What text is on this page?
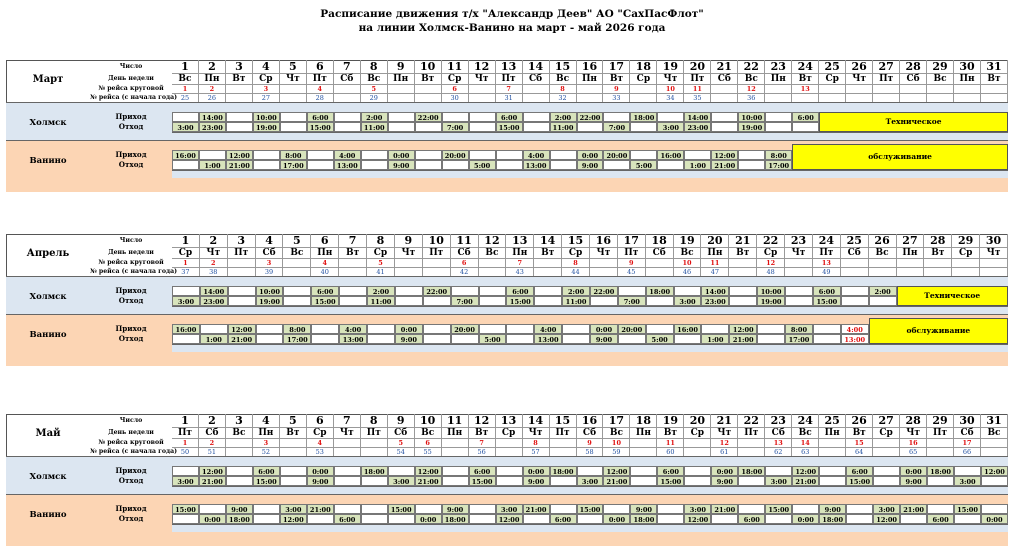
Расписание движения т/х "Александр Деев" АО "СахПасФлот"
на линии Холмск-Ванино на март - май 2026 года
Март
Холмск
Ванино
Число
День недели
№ рейса круговой
№ рейса (с начала года)
Приход
Отход
Приход
Отход
1
Вс
1
25
3:00
16:00
2
Пн
2
26
14:00
23:00
1:00
3
Вт
12:00
21:00
4
Ср
3
27
10:00
19:00
5
Чт
8:00
17:00
6
Пт
4
28
6:00
15:00
7
Сб
4:00
13:00
8
Вс
5
29
2:00
11:00
9
Пн
0:00
9:00
10
Вт
22:00
11
Ср
6
30
7:00
20:00
12
Чт
5:00
13
Пт
7
31
6:00
15:00
14
Сб
4:00
13:00
15
Вс
8
32
2:00
11:00
16
Пн
22:00
0:00
9:00
17
Вт
9
33
7:00
20:00
18
Ср
18:00
5:00
19
Чт
10
34
3:00
16:00
20
Пт
11
35
14:00
23:00
1:00
21
Сб
12:00
21:00
22
Вс
12
36
10:00
19:00
23
Пн
8:00
17:00
24
Вт
13
6:00
25
Ср
26
Чт
27
Пт
28
Сб
29
Вс
30
Пн
31
Вт
Техническое
обслуживание
Апрель
Холмск
Ванино
Число
День недели
№ рейса круговой
№ рейса (с начала года)
Приход
Отход
Приход
Отход
1
Ср
1
37
3:00
16:00
2
Чт
2
38
14:00
23:00
1:00
3
Пт
12:00
21:00
4
Сб
3
39
10:00
19:00
5
Вс
8:00
17:00
6
Пн
4
40
6:00
15:00
7
Вт
4:00
13:00
8
Ср
5
41
2:00
11:00
9
Чт
0:00
9:00
10
Пт
22:00
11
Сб
6
42
7:00
20:00
12
Вс
5:00
13
Пн
7
43
6:00
15:00
14
Вт
4:00
13:00
15
Ср
8
44
2:00
11:00
16
Чт
22:00
0:00
9:00
17
Пт
9
45
7:00
20:00
18
Сб
18:00
5:00
19
Вс
10
46
3:00
16:00
20
Пн
11
47
14:00
23:00
1:00
21
Вт
12:00
21:00
22
Ср
12
48
10:00
19:00
23
Чт
8:00
17:00
24
Пт
13
49
6:00
15:00
25
Сб
4:00
13:00
26
Вс
2:00
27
Пн
28
Вт
29
Ср
30
Чт
Техническое
обслуживание
Май
Холмск
Ванино
Число
День недели
№ рейса круговой
№ рейса (с начала года)
Приход
Отход
Приход
Отход
1
Пт
1
50
3:00
15:00
2
Сб
2
51
12:00
21:00
0:00
3
Вс
9:00
18:00
4
Пн
3
52
6:00
15:00
5
Вт
3:00
12:00
6
Ср
4
53
0:00
9:00
21:00
7
Чт
6:00
8
Пт
18:00
9
Сб
5
54
3:00
15:00
10
Вс
6
55
12:00
21:00
0:00
11
Пн
9:00
18:00
12
Вт
7
56
6:00
15:00
13
Ср
3:00
12:00
14
Чт
8
57
0:00
9:00
21:00
15
Пт
18:00
6:00
16
Сб
9
58
3:00
15:00
17
Вс
10
59
12:00
21:00
0:00
18
Пн
9:00
18:00
19
Вт
11
60
6:00
15:00
20
Ср
3:00
12:00
21
Чт
12
61
0:00
9:00
21:00
22
Пт
18:00
6:00
23
Сб
13
62
3:00
15:00
24
Вс
14
63
12:00
21:00
0:00
25
Пн
9:00
18:00
26
Вт
15
64
6:00
15:00
27
Ср
3:00
12:00
28
Чт
16
65
0:00
9:00
21:00
29
Пт
18:00
6:00
30
Сб
17
66
3:00
15:00
31
Вс
12:00
0:00
